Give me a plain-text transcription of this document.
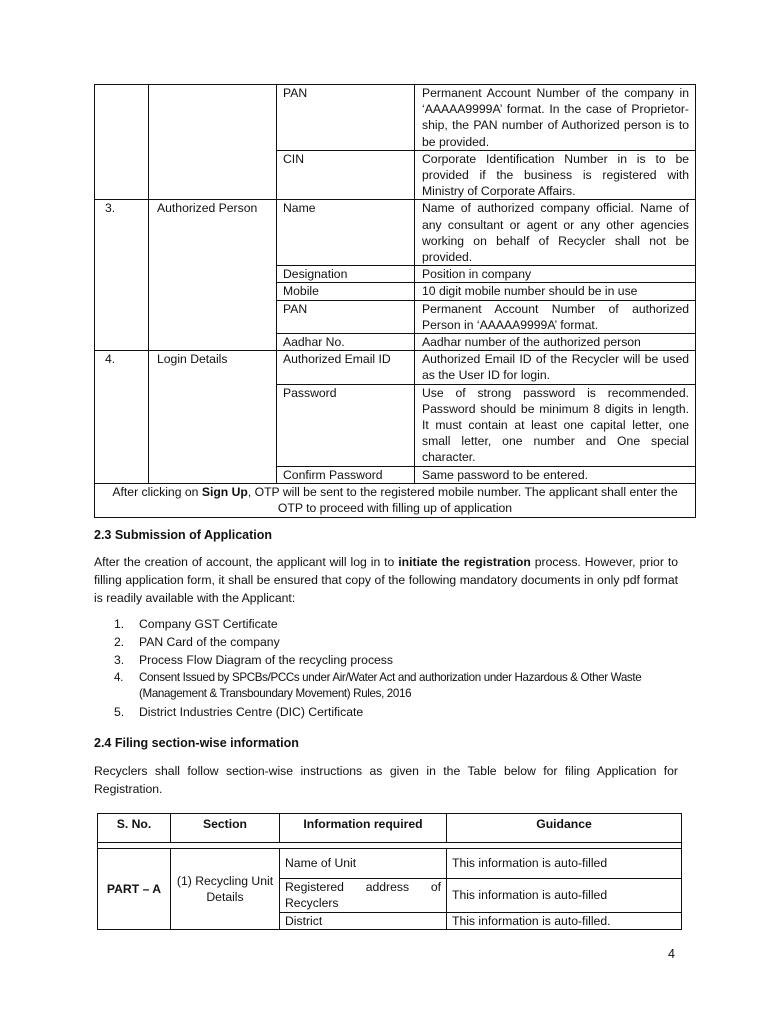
		PAN	Permanent Account Number of the company in ‘AAAAA9999A’ format. In the case of Proprietor-ship, the PAN number of Authorized person is to be provided.
		CIN	Corporate Identification Number in is to be provided if the business is registered with Ministry of Corporate Affairs.
3.	Authorized Person	Name	Name of authorized company official. Name of any consultant or agent or any other agencies working on behalf of Recycler shall not be provided.
		Designation	Position in company
		Mobile	10 digit mobile number should be in use
		PAN	Permanent Account Number of authorized Person in ‘AAAAA9999A’ format.
		Aadhar No.	Aadhar number of the authorized person
4.	Login Details	Authorized Email ID	Authorized Email ID of the Recycler will be used as the User ID for login.
		Password	Use of strong password is recommended. Password should be minimum 8 digits in length. It must contain at least one capital letter, one small letter, one number and One special character.
		Confirm Password	Same password to be entered.
After clicking on Sign Up, OTP will be sent to the registered mobile number. The applicant shall enter the OTP to proceed with filling up of application			
2.3 Submission of Application
After the creation of account, the applicant will log in to initiate the registration process. However, prior to filling application form, it shall be ensured that copy of the following mandatory documents in only pdf format is readily available with the Applicant:
1. Company GST Certificate
2. PAN Card of the company
3. Process Flow Diagram of the recycling process
4. Consent Issued by SPCBs/PCCs under Air/Water Act and authorization under Hazardous & Other Waste (Management & Transboundary Movement) Rules, 2016
5. District Industries Centre (DIC) Certificate
2.4 Filing section-wise information
Recyclers shall follow section-wise instructions as given in the Table below for filing Application for Registration.
S. No.	Section	Information required	Guidance

PART – A	(1) Recycling Unit Details	Name of Unit	This information is auto-filled
		Registered address of Recyclers	This information is auto-filled
		District	This information is auto-filled.
4
